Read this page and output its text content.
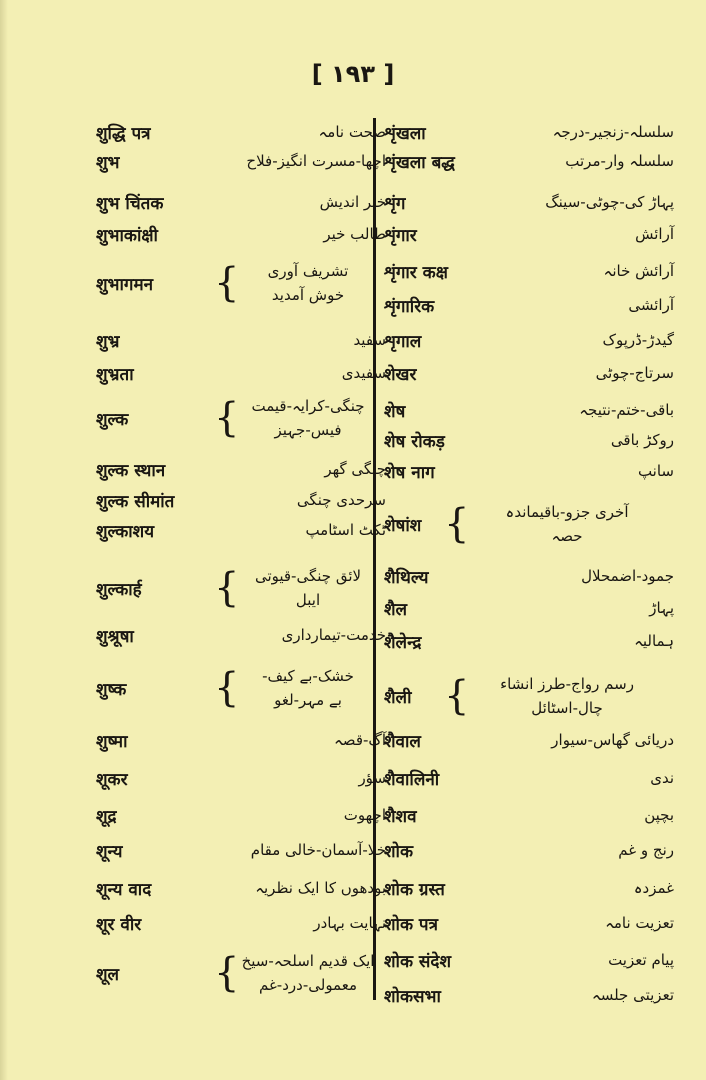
[ ۱۹۳ ]
शुद्धि पत्र	صحت نامہ
शुभ	اچھا-مسرت انگیز-فلاح
शुभ चिंतक	خیر اندیش
शुभाकांक्षी	طالب خیر
शुभागमन { تشریف آوری
خوش آمدید
शुभ्र	سفید
शुभ्रता	سفیدی
शुल्क { چنگی-کرایہ-قیمت
فیس-جہیز
शुल्क स्थान	چنگی گھر
शुल्क सीमांत	سرحدی چنگی
शुल्काशय	ٹکٹ اسٹامپ
शुल्कार्ह { لائق چنگی-قیوتی
ایبل
शुश्रूषा	خدمت-تیمارداری
शुष्क { خشک-بے کیف-
بے مہر-لغو
शुष्मा	آگ-قصہ
शूकर	سؤر
शूद्र	اچھوت
शून्य	خلا-آسمان-خالی مقام
शून्य वाद	بودھوں کا ایک نظریہ
शूर वीर	نہایت بہادر
शूल { ایک قدیم اسلحہ-سیخ
معمولی-درد-غم
शृंखला	سلسلہ-زنجیر-درجہ
शृंखला बद्ध	سلسلہ وار-مرتب
शृंग	پہاڑ کی-چوٹی-سینگ
शृंगार	آرائش
शृंगार कक्ष	آرائش خانہ
शृंगारिक	آرائشی
शृगाल	گیدڑ-ڈرپوک
शेखर	سرتاج-چوٹی
शेष	باقی-ختم-نتیجہ
शेष रोकड़	روکڑ باقی
शेष नाग	سانپ
शेषांश { آخری جزو-باقیماندہ
حصہ
शैथिल्य	جمود-اضمحلال
शैल	پہاڑ
शैलेन्द्र	ہمالیہ
शैली { رسم رواج-طرز انشاء
چال-اسٹائل
शैवाल	دریائی گھاس-سیوار
शैवालिनी	ندی
शैशव	بچپن
शोक	رنج و غم
शोक ग्रस्त	غمزدہ
शोक पत्र	تعزیت نامہ
शोक संदेश	پیام تعزیت
शोकसभा	تعزیتی جلسہ
